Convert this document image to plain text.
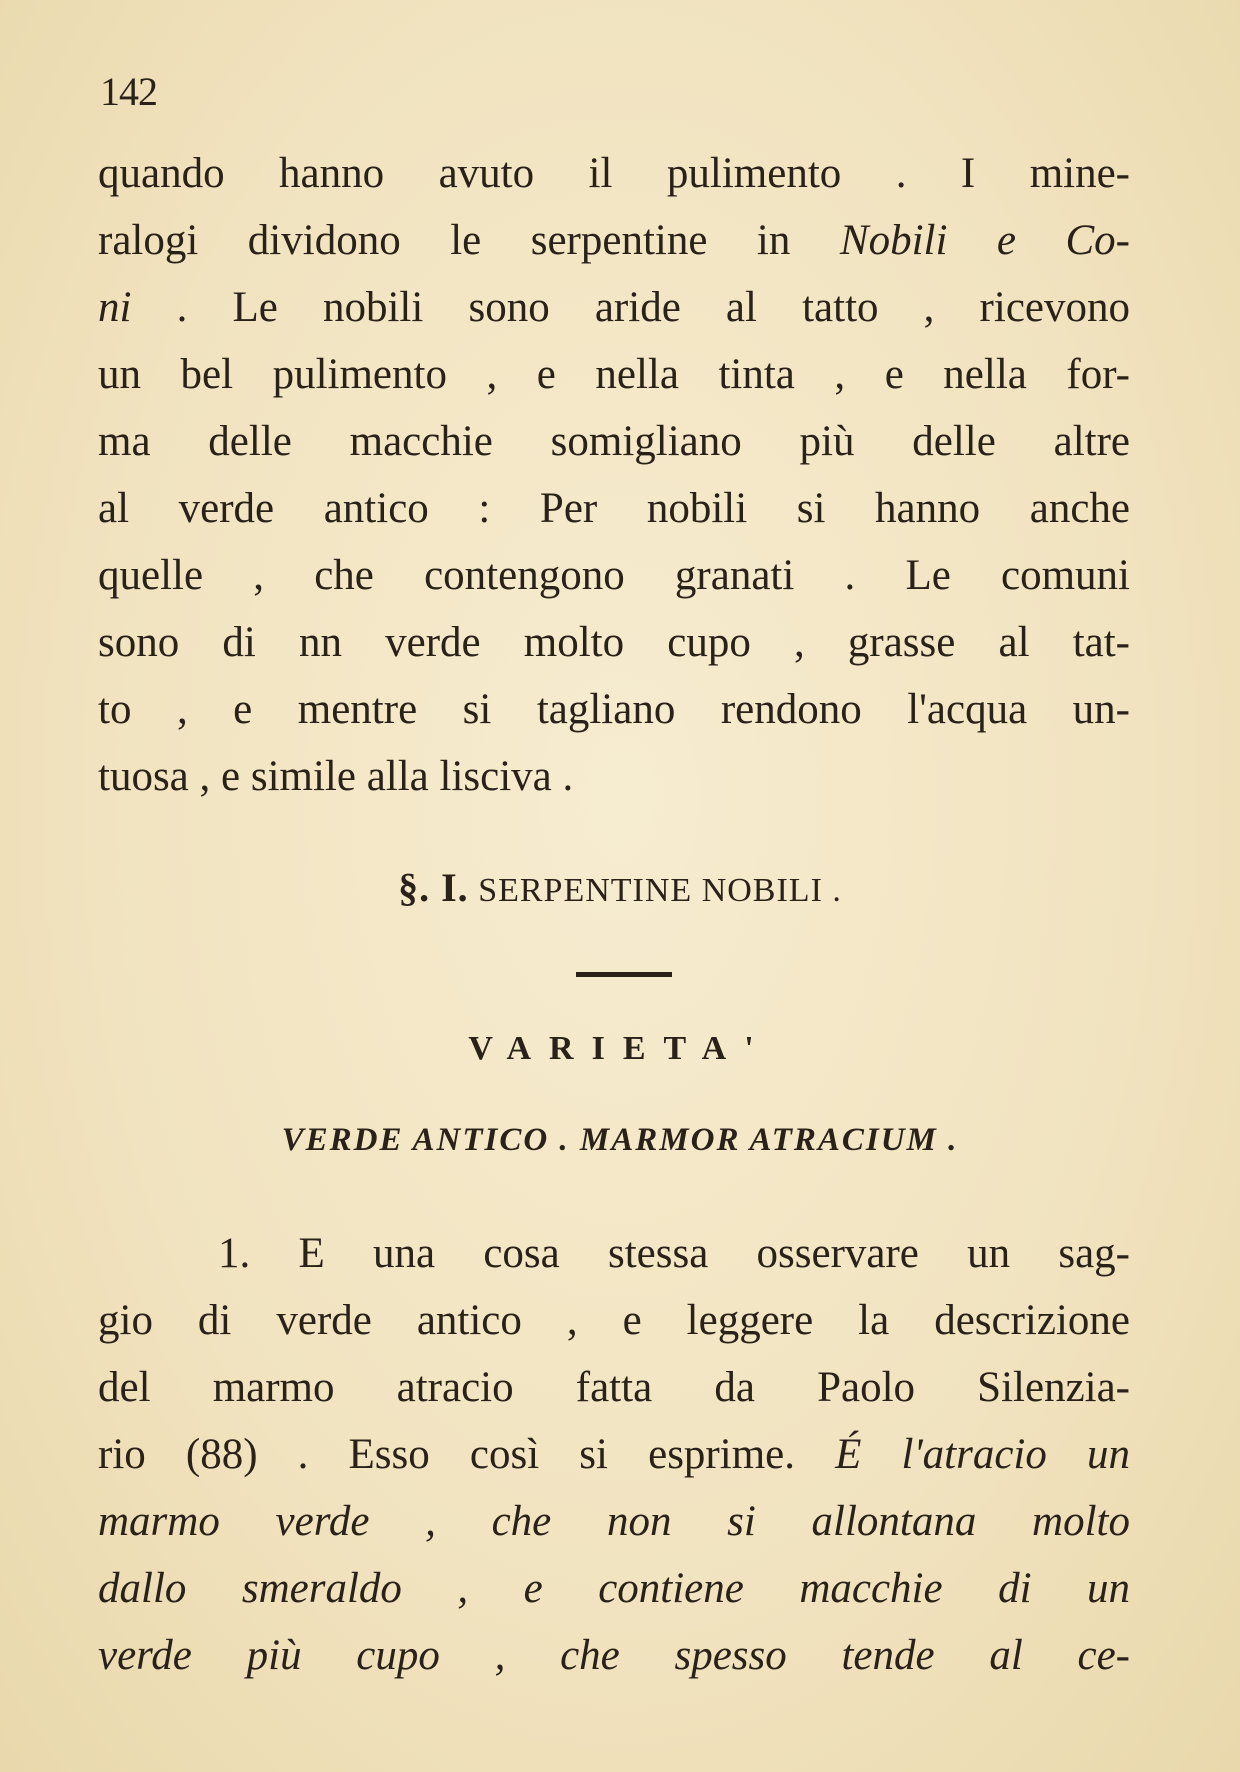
142
quando hanno avuto il pulimento . I mine-
ralogi dividono le serpentine in Nobili e Co-
ni . Le nobili sono aride al tatto , ricevono
un bel pulimento , e nella tinta , e nella for-
ma delle macchie somigliano più delle altre
al verde antico : Per nobili si hanno anche
quelle , che contengono granati . Le comuni
sono di nn verde molto cupo , grasse al tat-
to , e mentre si tagliano rendono l'acqua un-
tuosa , e simile alla lisciva .
§. I. SERPENTINE NOBILI .
VARIETA'
VERDE ANTICO . MARMOR ATRACIUM .
1. E una cosa stessa osservare un sag-
gio di verde antico , e leggere la descrizione
del marmo atracio fatta da Paolo Silenzia-
rio (88) . Esso così si esprime. É l'atracio un
marmo verde , che non si allontana molto
dallo smeraldo , e contiene macchie di un
verde più cupo , che spesso tende al ce-
